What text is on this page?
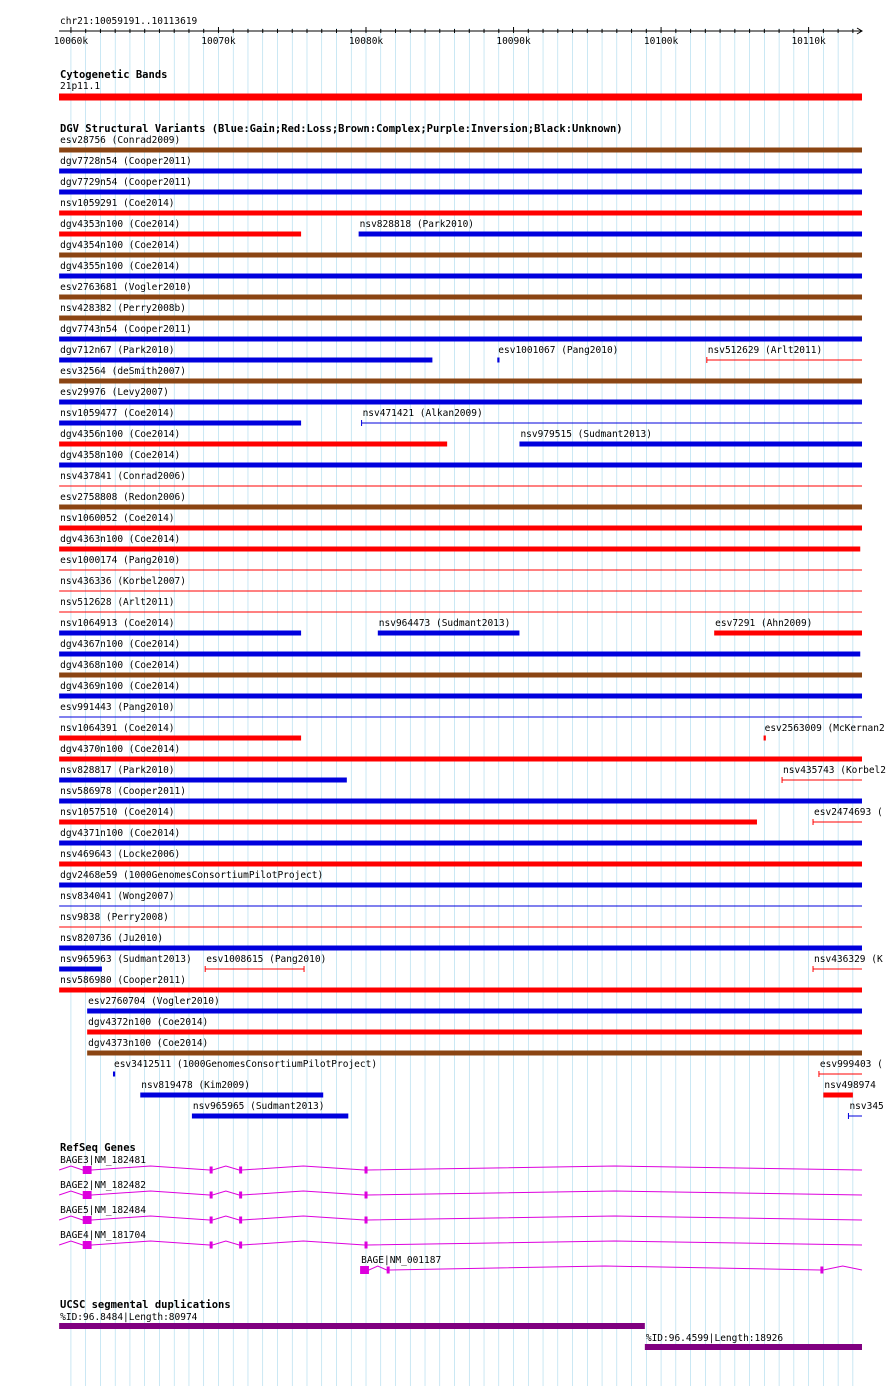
chr21:10059191..10113619
10060k	10070k	10080k	10090k	10100k	10110k
Cytogenetic Bands
21p11.1
DGV Structural Variants (Blue:Gain;Red:Loss;Brown:Complex;Purple:Inversion;Black:Unknown)
esv28756 (Conrad2009)
dgv7728n54 (Cooper2011)
dgv7729n54 (Cooper2011)
nsv1059291 (Coe2014)
dgv4353n100 (Coe2014)	nsv828818 (Park2010)
dgv4354n100 (Coe2014)
dgv4355n100 (Coe2014)
esv2763681 (Vogler2010)
nsv428382 (Perry2008b)
dgv7743n54 (Cooper2011)
dgv712n67 (Park2010)	esv1001067 (Pang2010)	nsv512629 (Arlt2011)
esv32564 (deSmith2007)
esv29976 (Levy2007)
nsv1059477 (Coe2014)	nsv471421 (Alkan2009)
dgv4356n100 (Coe2014)	nsv979515 (Sudmant2013)
dgv4358n100 (Coe2014)
nsv437841 (Conrad2006)
esv2758808 (Redon2006)
nsv1060052 (Coe2014)
dgv4363n100 (Coe2014)
esv1000174 (Pang2010)
nsv436336 (Korbel2007)
nsv512628 (Arlt2011)
nsv1064913 (Coe2014)	nsv964473 (Sudmant2013)	esv7291 (Ahn2009)
dgv4367n100 (Coe2014)
dgv4368n100 (Coe2014)
dgv4369n100 (Coe2014)
esv991443 (Pang2010)
nsv1064391 (Coe2014)	esv2563009 (McKernan2
dgv4370n100 (Coe2014)
nsv828817 (Park2010)	nsv435743 (Korbel2
nsv586978 (Cooper2011)
nsv1057510 (Coe2014)	esv2474693 (
dgv4371n100 (Coe2014)
nsv469643 (Locke2006)
dgv2468e59 (1000GenomesConsortiumPilotProject)
nsv834041 (Wong2007)
nsv9838 (Perry2008)
nsv820736 (Ju2010)
nsv965963 (Sudmant2013) esv1008615 (Pang2010)	nsv436329 (K
nsv586980 (Cooper2011)
esv2760704 (Vogler2010)
dgv4372n100 (Coe2014)
dgv4373n100 (Coe2014)
esv3412511 (1000GenomesConsortiumPilotProject)	esv999403 (
nsv819478 (Kim2009)	nsv498974
nsv965965 (Sudmant2013)	nsv345
RefSeq Genes
BAGE3|NM_182481
BAGE2|NM_182482
BAGE5|NM_182484
BAGE4|NM_181704
BAGE|NM_001187
UCSC segmental duplications
%ID:96.8484|Length:80974
%ID:96.4599|Length:18926
